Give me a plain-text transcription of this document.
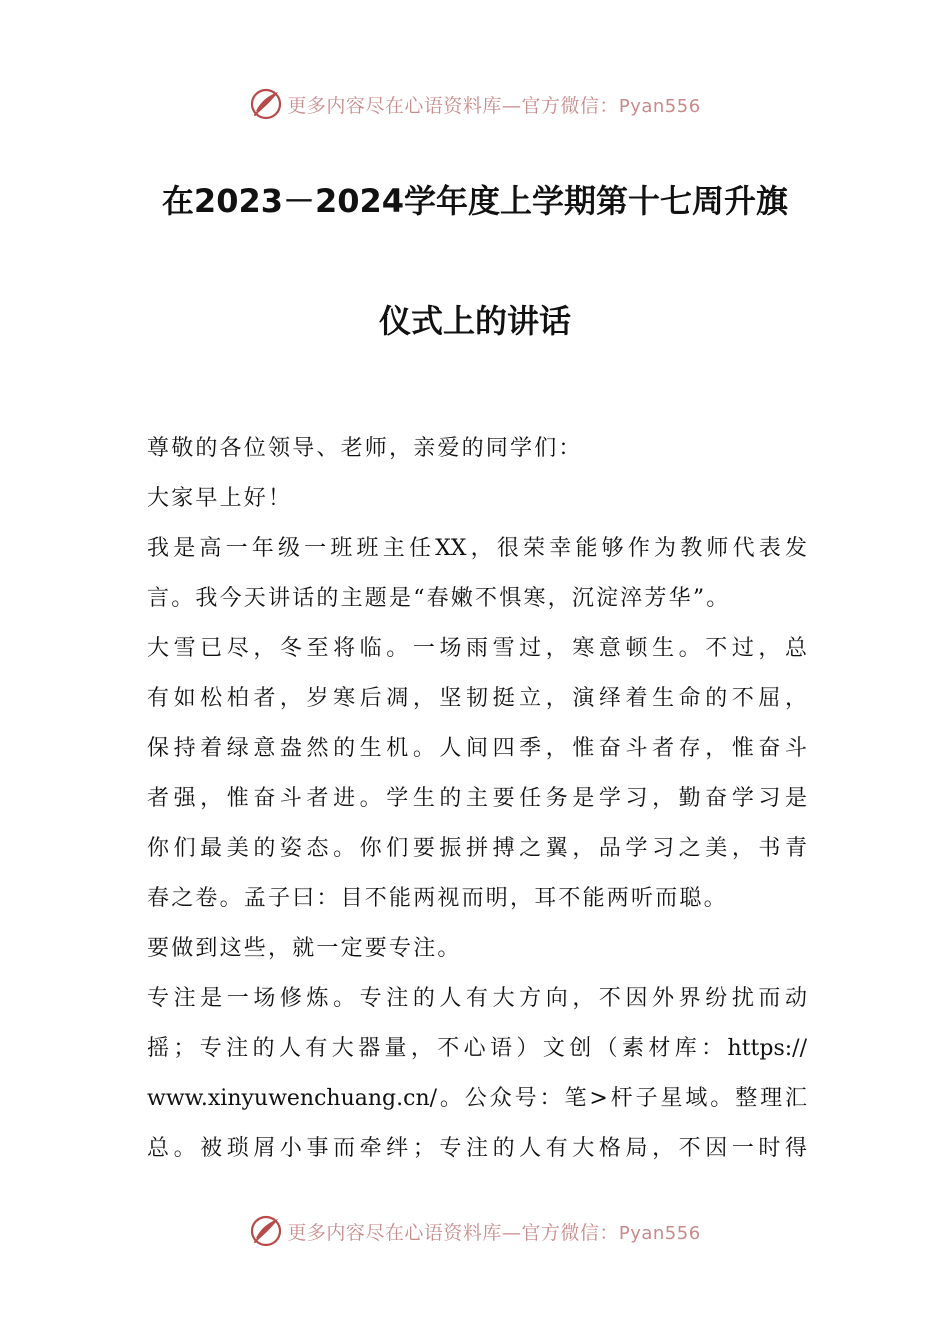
更多内容尽在心语资料库—官方微信：Pyan556
在2023－2024学年度上学期第十七周升旗
仪式上的讲话
尊敬的各位领导、老师，亲爱的同学们：
大家早上好！
我是高一年级一班班主任XX，很荣幸能够作为教师代表发
言。我今天讲话的主题是“春嫩不惧寒，沉淀淬芳华”。
大雪已尽，冬至将临。一场雨雪过，寒意顿生。不过，总
有如松柏者，岁寒后凋，坚韧挺立，演绎着生命的不屈，
保持着绿意盎然的生机。人间四季，惟奋斗者存，惟奋斗
者强，惟奋斗者进。学生的主要任务是学习，勤奋学习是
你们最美的姿态。你们要振拼搏之翼，品学习之美，书青
春之卷。孟子曰：目不能两视而明，耳不能两听而聪。
要做到这些，就一定要专注。
专注是一场修炼。专注的人有大方向，不因外界纷扰而动
摇；专注的人有大器量，不心语）文创（素材库：https://
www.xinyuwenchuang.cn/。公众号：笔>杆子星域。整理汇
总。被琐屑小事而牵绊；专注的人有大格局，不因一时得
更多内容尽在心语资料库—官方微信：Pyan556
